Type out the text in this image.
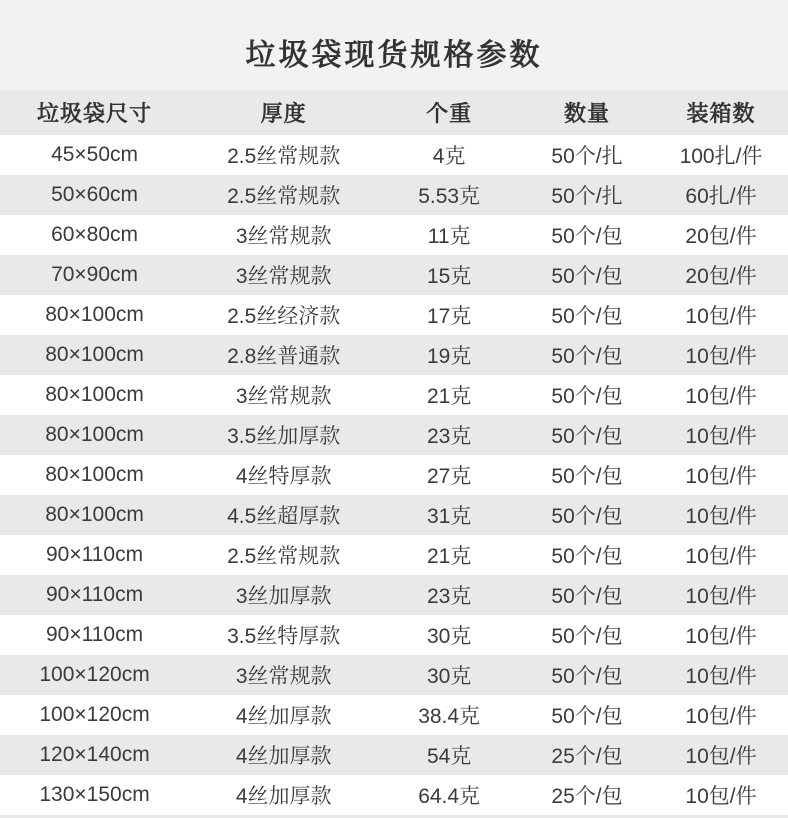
垃圾袋现货规格参数
垃圾袋尺寸	厚度	个重	数量	装箱数
45×50cm	2.5丝常规款	4克	50个/扎	100扎/件
50×60cm	2.5丝常规款	5.53克	50个/扎	60扎/件
60×80cm	3丝常规款	11克	50个/包	20包/件
70×90cm	3丝常规款	15克	50个/包	20包/件
80×100cm	2.5丝经济款	17克	50个/包	10包/件
80×100cm	2.8丝普通款	19克	50个/包	10包/件
80×100cm	3丝常规款	21克	50个/包	10包/件
80×100cm	3.5丝加厚款	23克	50个/包	10包/件
80×100cm	4丝特厚款	27克	50个/包	10包/件
80×100cm	4.5丝超厚款	31克	50个/包	10包/件
90×110cm	2.5丝常规款	21克	50个/包	10包/件
90×110cm	3丝加厚款	23克	50个/包	10包/件
90×110cm	3.5丝特厚款	30克	50个/包	10包/件
100×120cm	3丝常规款	30克	50个/包	10包/件
100×120cm	4丝加厚款	38.4克	50个/包	10包/件
120×140cm	4丝加厚款	54克	25个/包	10包/件
130×150cm	4丝加厚款	64.4克	25个/包	10包/件
